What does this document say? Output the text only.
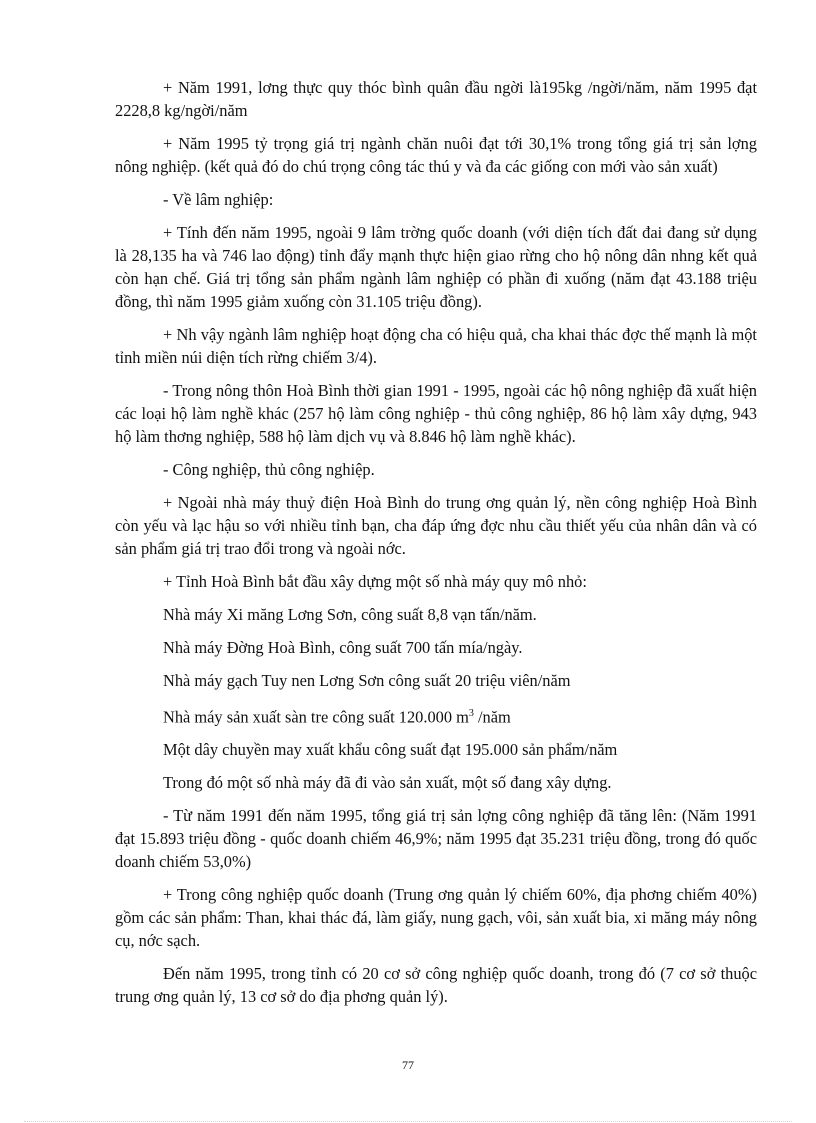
+ Năm 1991, lơng thực quy thóc bình quân đầu ngời là195kg /ngời/năm, năm 1995 đạt 2228,8 kg/ngời/năm

+ Năm 1995 tỷ trọng giá trị ngành chăn nuôi đạt tới 30,1% trong tổng giá trị sản lợng nông nghiệp. (kết quả đó do chú trọng công tác thú y và đa các giống con mới vào sản xuất)

- Về lâm nghiệp:

+ Tính đến năm 1995, ngoài 9 lâm trờng quốc doanh (với diện tích đất đai đang sử dụng là 28,135 ha và 746 lao động) tỉnh đẩy mạnh thực hiện giao rừng cho hộ nông dân nhng kết quả còn hạn chế. Giá trị tổng sản phẩm ngành lâm nghiệp có phần đi xuống (năm đạt 43.188 triệu đồng, thì năm 1995 giảm xuống còn 31.105 triệu đồng).

+ Nh vậy ngành lâm nghiệp hoạt động cha có hiệu quả, cha khai thác đợc thế mạnh là một tỉnh miền núi diện tích rừng chiếm 3/4).

- Trong nông thôn Hoà Bình thời gian 1991 - 1995, ngoài các hộ nông nghiệp đã xuất hiện các loại hộ làm nghề khác (257 hộ làm công nghiệp - thủ công nghiệp, 86 hộ làm xây dựng, 943 hộ làm thơng nghiệp, 588 hộ làm dịch vụ và 8.846 hộ làm nghề khác).

- Công nghiệp, thủ công nghiệp.

+ Ngoài nhà máy thuỷ điện Hoà Bình do trung ơng quản lý, nền công nghiệp Hoà Bình còn yếu và lạc hậu so với nhiều tỉnh bạn, cha đáp ứng đợc nhu cầu thiết yếu của nhân dân và có sản phẩm giá trị trao đổi trong và ngoài nớc.

+ Tỉnh Hoà Bình bắt đầu xây dựng một số nhà máy quy mô nhỏ:

Nhà máy Xi măng Lơng Sơn, công suất 8,8 vạn tấn/năm.

Nhà máy Đờng Hoà Bình, công suất 700 tấn mía/ngày.

Nhà máy gạch Tuy nen Lơng Sơn công suất 20 triệu viên/năm

Nhà máy sản xuất sàn tre công suất 120.000 $m^3$ /năm

Một dây chuyền may xuất khẩu công suất đạt 195.000 sản phẩm/năm

Trong đó một số nhà máy đã đi vào sản xuất, một số đang xây dựng.

- Từ năm 1991 đến năm 1995, tổng giá trị sản lợng công nghiệp đã tăng lên: (Năm 1991 đạt 15.893 triệu đồng - quốc doanh chiếm 46,9%; năm 1995 đạt 35.231 triệu đồng, trong đó quốc doanh chiếm 53,0%)

+ Trong công nghiệp quốc doanh (Trung ơng quản lý chiếm 60%, địa phơng chiếm 40%) gồm các sản phẩm: Than, khai thác đá, làm giấy, nung gạch, vôi, sản xuất bia, xi măng máy nông cụ, nớc sạch.

Đến năm 1995, trong tỉnh có 20 cơ sở công nghiệp quốc doanh, trong đó (7 cơ sở thuộc trung ơng quản lý, 13 cơ sở do địa phơng quản lý).

77
